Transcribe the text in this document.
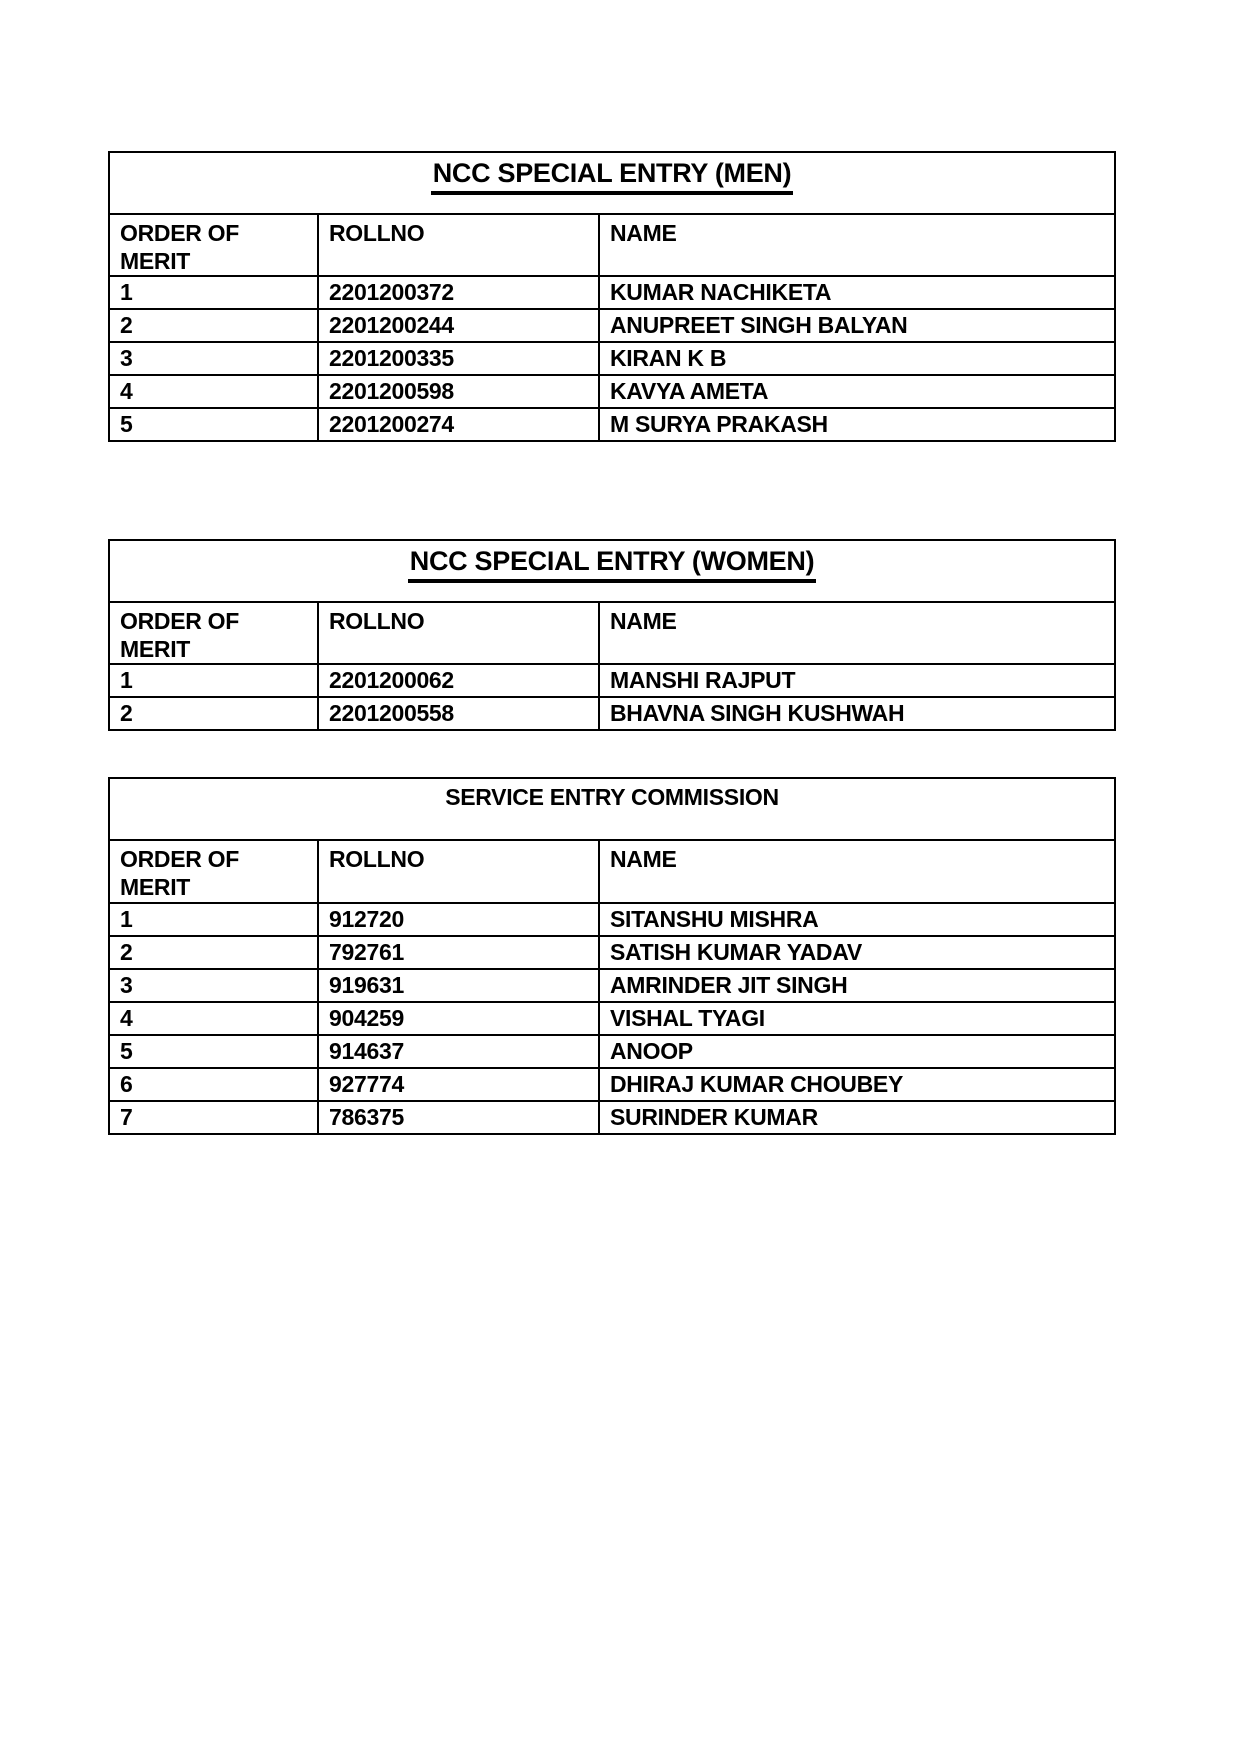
NCC SPECIAL ENTRY (MEN)		
ORDER OF MERIT	ROLLNO	NAME
1	2201200372	KUMAR NACHIKETA
2	2201200244	ANUPREET SINGH BALYAN
3	2201200335	KIRAN K B
4	2201200598	KAVYA AMETA
5	2201200274	M SURYA PRAKASH
NCC SPECIAL ENTRY (WOMEN)		
ORDER OF MERIT	ROLLNO	NAME
1	2201200062	MANSHI RAJPUT
2	2201200558	BHAVNA SINGH KUSHWAH
SERVICE ENTRY COMMISSION		
ORDER OF MERIT	ROLLNO	NAME
1	912720	SITANSHU MISHRA
2	792761	SATISH KUMAR YADAV
3	919631	AMRINDER JIT SINGH
4	904259	VISHAL TYAGI
5	914637	ANOOP
6	927774	DHIRAJ KUMAR CHOUBEY
7	786375	SURINDER KUMAR
